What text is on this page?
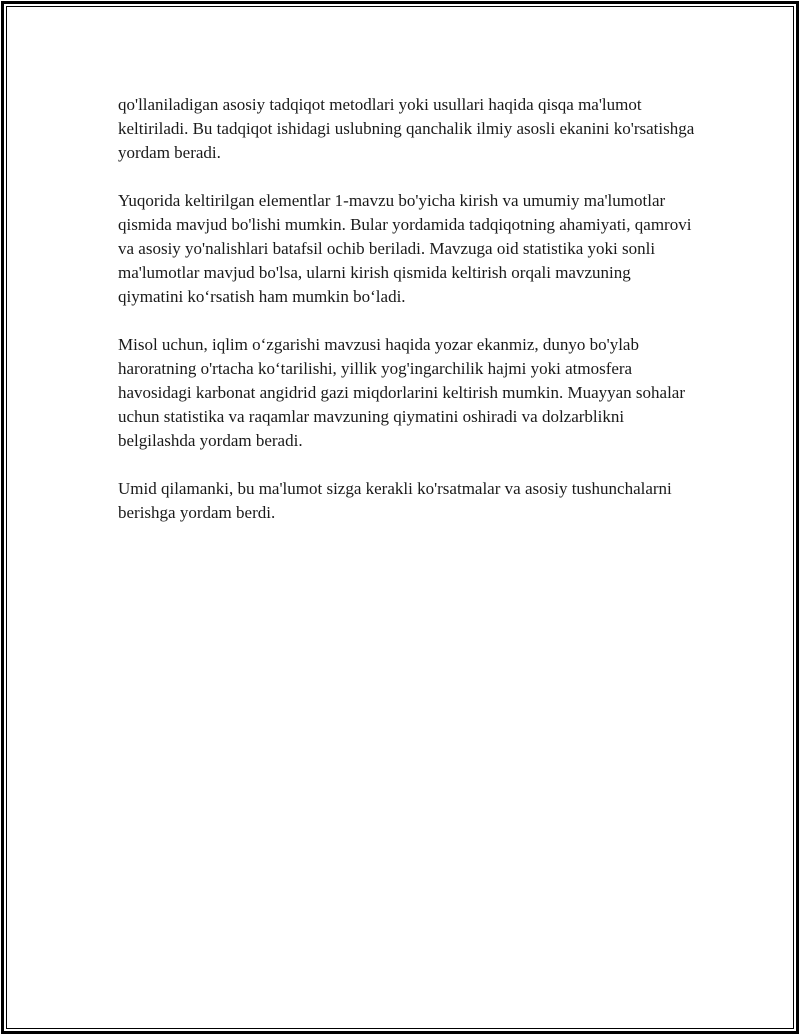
qo'llaniladigan asosiy tadqiqot metodlari yoki usullari haqida qisqa ma'lumot keltiriladi. Bu tadqiqot ishidagi uslubning qanchalik ilmiy asosli ekanini ko'rsatishga yordam beradi.

Yuqorida keltirilgan elementlar 1-mavzu bo'yicha kirish va umumiy ma'lumotlar qismida mavjud bo'lishi mumkin. Bular yordamida tadqiqotning ahamiyati, qamrovi va asosiy yo'nalishlari batafsil ochib beriladi. Mavzuga oid statistika yoki sonli ma'lumotlar mavjud bo'lsa, ularni kirish qismida keltirish orqali mavzuning qiymatini ko‘rsatish ham mumkin bo‘ladi.

Misol uchun, iqlim o‘zgarishi mavzusi haqida yozar ekanmiz, dunyo bo'ylab haroratning o'rtacha ko‘tarilishi, yillik yog'ingarchilik hajmi yoki atmosfera havosidagi karbonat angidrid gazi miqdorlarini keltirish mumkin. Muayyan sohalar uchun statistika va raqamlar mavzuning qiymatini oshiradi va dolzarblikni belgilashda yordam beradi.

Umid qilamanki, bu ma'lumot sizga kerakli ko'rsatmalar va asosiy tushunchalarni berishga yordam berdi.
